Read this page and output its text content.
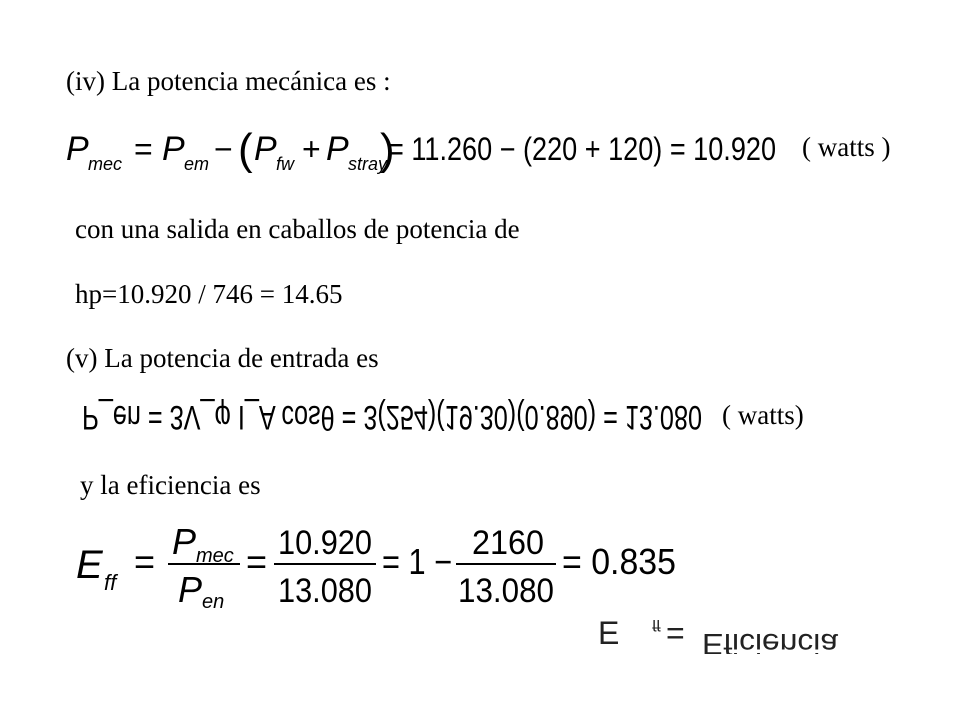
(iv) La potencia mecánica es :
P mec = P em − ( P fw + P stray
)
= 11.260 − (220 + 120) = 10.920 ( watts )
con una salida en caballos de potencia de
hp=10.920 / 746 = 14.65
(v) La potencia de entrada es
P_en = 3V_φ I_A cosθ = 3(254)(19.30)(0.890) = 13.080 ( watts)
y la eficiencia es
E ff
= P mec
P en
= 10.920
13.080
= 1 − 2160
13.080
= 0.835
E ff = Eficiencia
